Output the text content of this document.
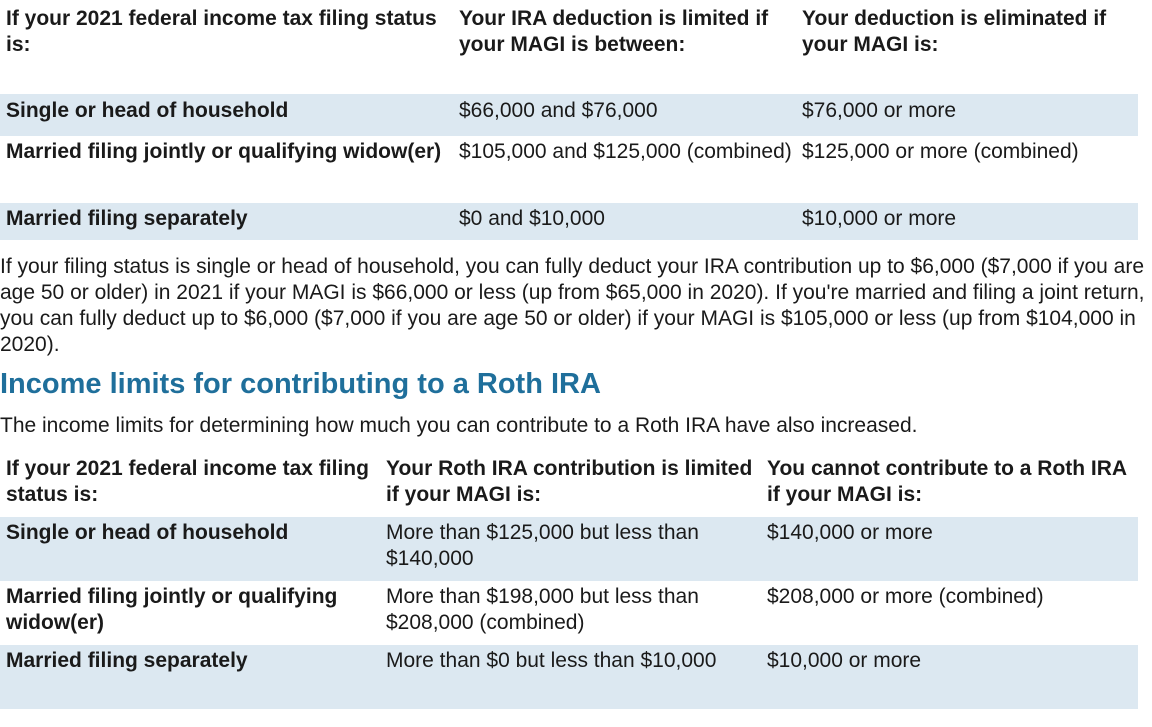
If your 2021 federal income tax filing status is:	Your IRA deduction is limited if your MAGI is between:	Your deduction is eliminated if your MAGI is:
Single or head of household	$66,000 and $76,000	$76,000 or more
Married filing jointly or qualifying widow(er)	$105,000 and $125,000 (combined)	$125,000 or more (combined)
Married filing separately	$0 and $10,000	$10,000 or more

If your filing status is single or head of household, you can fully deduct your IRA contribution up to $6,000 ($7,000 if you are age 50 or older) in 2021 if your MAGI is $66,000 or less (up from $65,000 in 2020). If you're married and filing a joint return, you can fully deduct up to $6,000 ($7,000 if you are age 50 or older) if your MAGI is $105,000 or less (up from $104,000 in 2020).

Income limits for contributing to a Roth IRA

The income limits for determining how much you can contribute to a Roth IRA have also increased.

If your 2021 federal income tax filing status is:	Your Roth IRA contribution is limited if your MAGI is:	You cannot contribute to a Roth IRA if your MAGI is:
Single or head of household	More than $125,000 but less than $140,000	$140,000 or more
Married filing jointly or qualifying widow(er)	More than $198,000 but less than $208,000 (combined)	$208,000 or more (combined)
Married filing separately	More than $0 but less than $10,000	$10,000 or more
